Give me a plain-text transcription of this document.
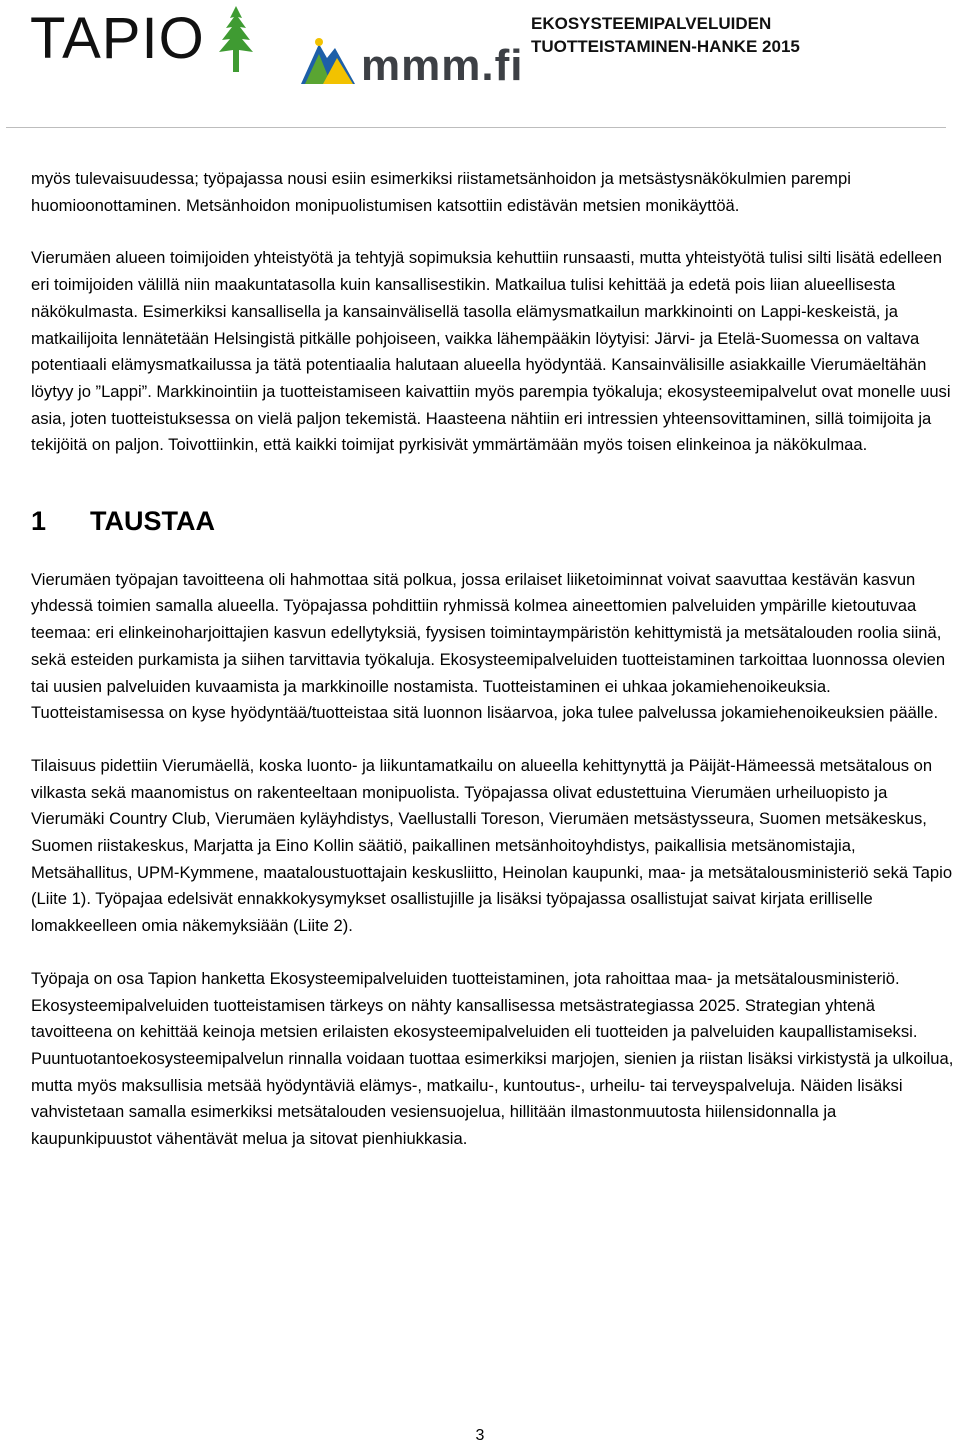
TAPIO	mmm.fi
EKOSYSTEEMIPALVELUIDEN
TUOTTEISTAMINEN-HANKE 2015

myös tulevaisuudessa; työpajassa nousi esiin esimerkiksi riistametsänhoidon ja metsästysnäkökulmien parempi huomioonottaminen. Metsänhoidon monipuolistumisen katsottiin edistävän metsien monikäyttöä.

Vierumäen alueen toimijoiden yhteistyötä ja tehtyjä sopimuksia kehuttiin runsaasti, mutta yhteistyötä tulisi silti lisätä edelleen eri toimijoiden välillä niin maakuntatasolla kuin kansallisestikin. Matkailua tulisi kehittää ja edetä pois liian alueellisesta näkökulmasta. Esimerkiksi kansallisella ja kansainvälisellä tasolla elämysmatkailun markkinointi on Lappi-keskeistä, ja matkailijoita lennätetään Helsingistä pitkälle pohjoiseen, vaikka lähempääkin löytyisi: Järvi- ja Etelä-Suomessa on valtava potentiaali elämysmatkailussa ja tätä potentiaalia halutaan alueella hyödyntää. Kansainvälisille asiakkaille Vierumäeltähän löytyy jo ”Lappi”. Markkinointiin ja tuotteistamiseen kaivattiin myös parempia työkaluja; ekosysteemipalvelut ovat monelle uusi asia, joten tuotteistuksessa on vielä paljon tekemistä. Haasteena nähtiin eri intressien yhteensovittaminen, sillä toimijoita ja tekijöitä on paljon. Toivottiinkin, että kaikki toimijat pyrkisivät ymmärtämään myös toisen elinkeinoa ja näkökulmaa.

1 TAUSTAA

Vierumäen työpajan tavoitteena oli hahmottaa sitä polkua, jossa erilaiset liiketoiminnat voivat saavuttaa kestävän kasvun yhdessä toimien samalla alueella. Työpajassa pohdittiin ryhmissä kolmea aineettomien palveluiden ympärille kietoutuvaa teemaa: eri elinkeinoharjoittajien kasvun edellytyksiä, fyysisen toimintaympäristön kehittymistä ja metsätalouden roolia siinä, sekä esteiden purkamista ja siihen tarvittavia työkaluja. Ekosysteemipalveluiden tuotteistaminen tarkoittaa luonnossa olevien tai uusien palveluiden kuvaamista ja markkinoille nostamista. Tuotteistaminen ei uhkaa jokamiehenoikeuksia. Tuotteistamisessa on kyse hyödyntää/tuotteistaa sitä luonnon lisäarvoa, joka tulee palvelussa jokamiehenoikeuksien päälle.

Tilaisuus pidettiin Vierumäellä, koska luonto- ja liikuntamatkailu on alueella kehittynyttä ja Päijät-Hämeessä metsätalous on vilkasta sekä maanomistus on rakenteeltaan monipuolista. Työpajassa olivat edustettuina Vierumäen urheiluopisto ja Vierumäki Country Club, Vierumäen kyläyhdistys, Vaellustalli Toreson, Vierumäen metsästysseura, Suomen metsäkeskus, Suomen riistakeskus, Marjatta ja Eino Kollin säätiö, paikallinen metsänhoitoyhdistys, paikallisia metsänomistajia, Metsähallitus, UPM-Kymmene, maataloustuottajain keskusliitto, Heinolan kaupunki, maa- ja metsätalousministeriö sekä Tapio (Liite 1). Työpajaa edelsivät ennakkokysymykset osallistujille ja lisäksi työpajassa osallistujat saivat kirjata erilliselle lomakkeelleen omia näkemyksiään (Liite 2).

Työpaja on osa Tapion hanketta Ekosysteemipalveluiden tuotteistaminen, jota rahoittaa maa- ja metsätalousministeriö. Ekosysteemipalveluiden tuotteistamisen tärkeys on nähty kansallisessa metsästrategiassa 2025. Strategian yhtenä tavoitteena on kehittää keinoja metsien erilaisten ekosysteemipalveluiden eli tuotteiden ja palveluiden kaupallistamiseksi. Puuntuotantoekosysteemipalvelun rinnalla voidaan tuottaa esimerkiksi marjojen, sienien ja riistan lisäksi virkistystä ja ulkoilua, mutta myös maksullisia metsää hyödyntäviä elämys-, matkailu-, kuntoutus-, urheilu- tai terveyspalveluja. Näiden lisäksi vahvistetaan samalla esimerkiksi metsätalouden vesiensuojelua, hillitään ilmastonmuutosta hiilensidonnalla ja kaupunkipuustot vähentävät melua ja sitovat pienhiukkasia.

3
